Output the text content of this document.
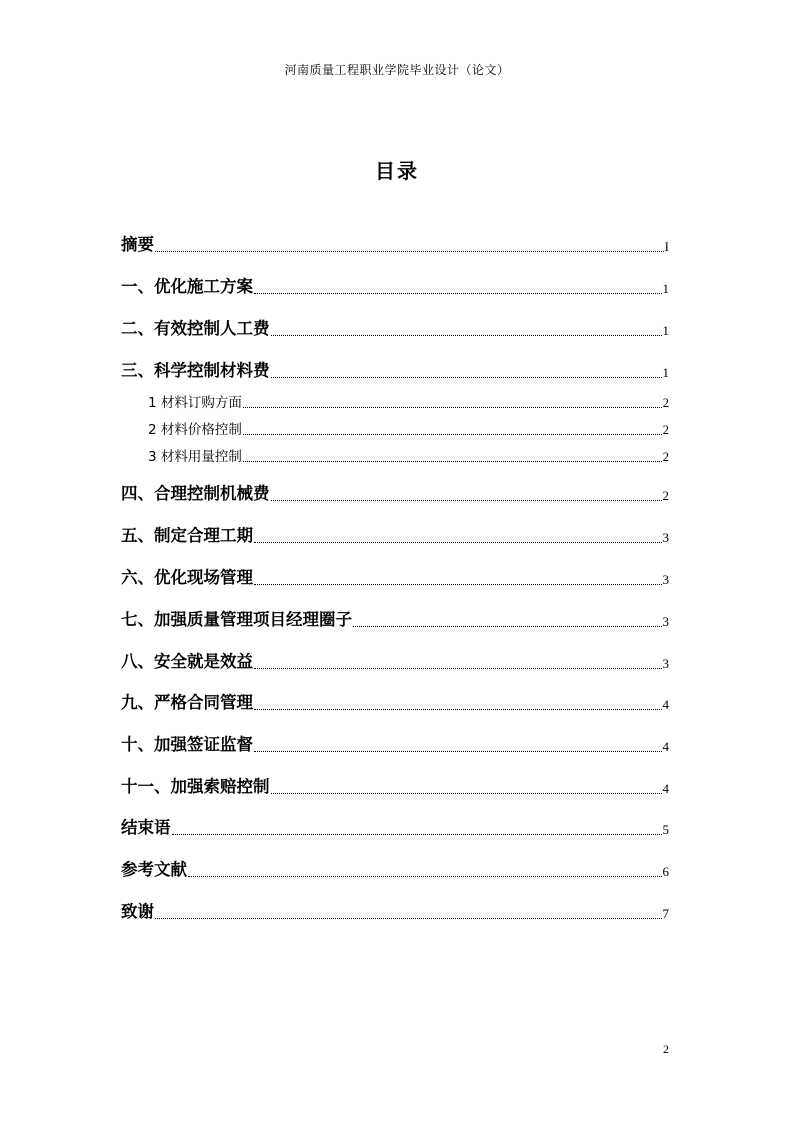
河南质量工程职业学院毕业设计（论文）
目录
摘要	I
一、优化施工方案	1
二、有效控制人工费	1
三、科学控制材料费	1
1 材料订购方面	2
2 材料价格控制	2
3 材料用量控制	2
四、合理控制机械费	2
五、制定合理工期	3
六、优化现场管理	3
七、加强质量管理项目经理圈子	3
八、安全就是效益	3
九、严格合同管理	4
十、加强签证监督	4
十一、加强索赔控制	4
结束语	5
参考文献	6
致谢	7
2
